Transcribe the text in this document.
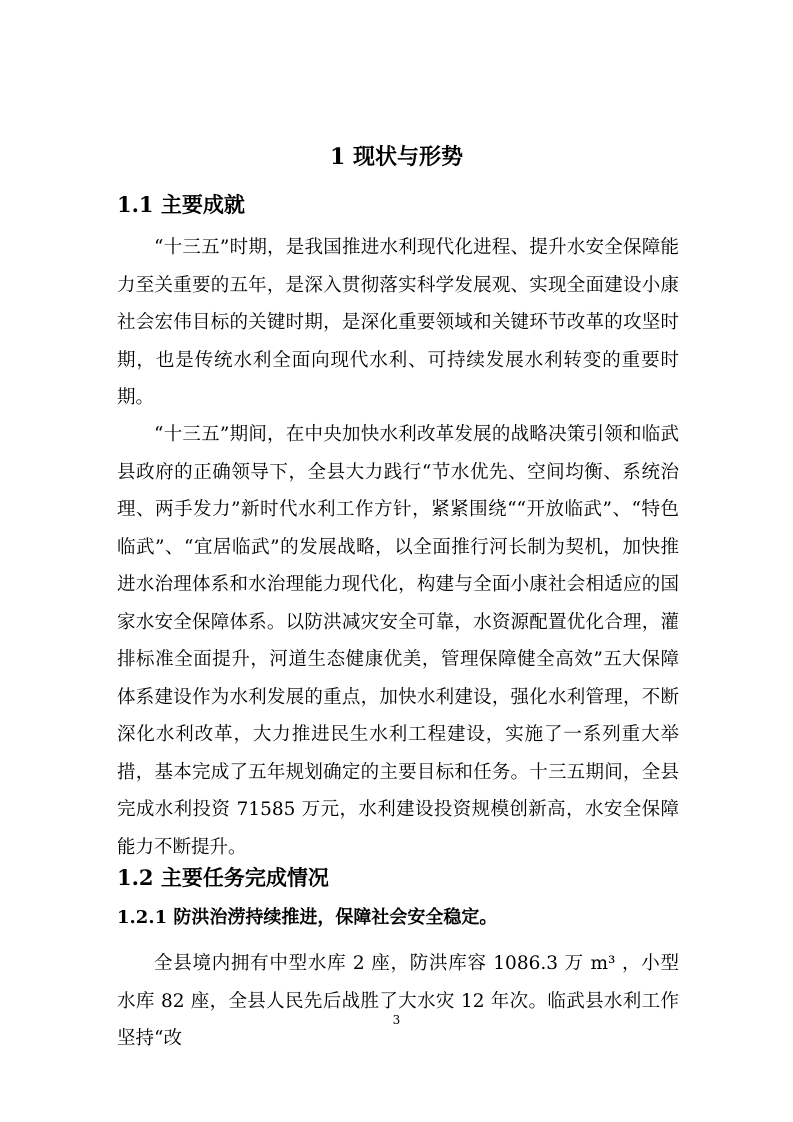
1 现状与形势
1.1 主要成就

“十三五”时期，是我国推进水利现代化进程、提升水安全保障能力至关重要的五年，是深入贯彻落实科学发展观、实现全面建设小康社会宏伟目标的关键时期，是深化重要领域和关键环节改革的攻坚时期，也是传统水利全面向现代水利、可持续发展水利转变的重要时期。

“十三五”期间，在中央加快水利改革发展的战略决策引领和临武县政府的正确领导下，全县大力践行“节水优先、空间均衡、系统治理、两手发力”新时代水利工作方针，紧紧围绕““开放临武”、“特色临武”、“宜居临武”的发展战略，以全面推行河长制为契机，加快推进水治理体系和水治理能力现代化，构建与全面小康社会相适应的国家水安全保障体系。以防洪减灾安全可靠，水资源配置优化合理，灌排标准全面提升，河道生态健康优美，管理保障健全高效”五大保障体系建设作为水利发展的重点，加快水利建设，强化水利管理，不断深化水利改革，大力推进民生水利工程建设，实施了一系列重大举措，基本完成了五年规划确定的主要目标和任务。十三五期间，全县完成水利投资 71585 万元，水利建设投资规模创新高，水安全保障能力不断提升。

1.2 主要任务完成情况
1.2.1 防洪治涝持续推进，保障社会安全稳定。

全县境内拥有中型水库 2 座，防洪库容 1086.3 万 m³ ，小型水库 82 座，全县人民先后战胜了大水灾 12 年次。临武县水利工作坚持“改

3
